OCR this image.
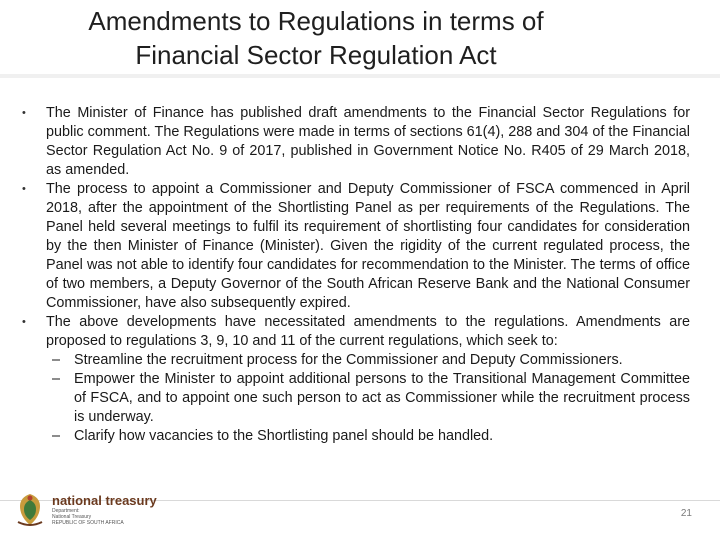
Amendments to Regulations in terms of
Financial Sector Regulation Act
•	The Minister of Finance has published draft amendments to the Financial Sector Regulations for public comment. The Regulations were made in terms of sections 61(4), 288 and 304 of the Financial Sector Regulation Act No. 9 of 2017, published in Government Notice No. R405 of 29 March 2018, as amended.
•	The process to appoint a Commissioner and Deputy Commissioner of FSCA commenced in April 2018, after the appointment of the Shortlisting Panel as per requirements of the Regulations. The Panel held several meetings to fulfil its requirement of shortlisting four candidates for consideration by the then Minister of Finance (Minister). Given the rigidity of the current regulated process, the Panel was not able to identify four candidates for recommendation to the Minister. The terms of office of two members, a Deputy Governor of the South African Reserve Bank and the National Consumer Commissioner, have also subsequently expired.
•	The above developments have necessitated amendments to the regulations. Amendments are proposed to regulations 3, 9, 10 and 11 of the current regulations, which seek to:
– Streamline the recruitment process for the Commissioner and Deputy Commissioners.
– Empower the Minister to appoint additional persons to the Transitional Management Committee of FSCA, and to appoint one such person to act as Commissioner while the recruitment process is underway.
– Clarify how vacancies to the Shortlisting panel should be handled.
national treasury
Department:
National Treasury
REPUBLIC OF SOUTH AFRICA
21
